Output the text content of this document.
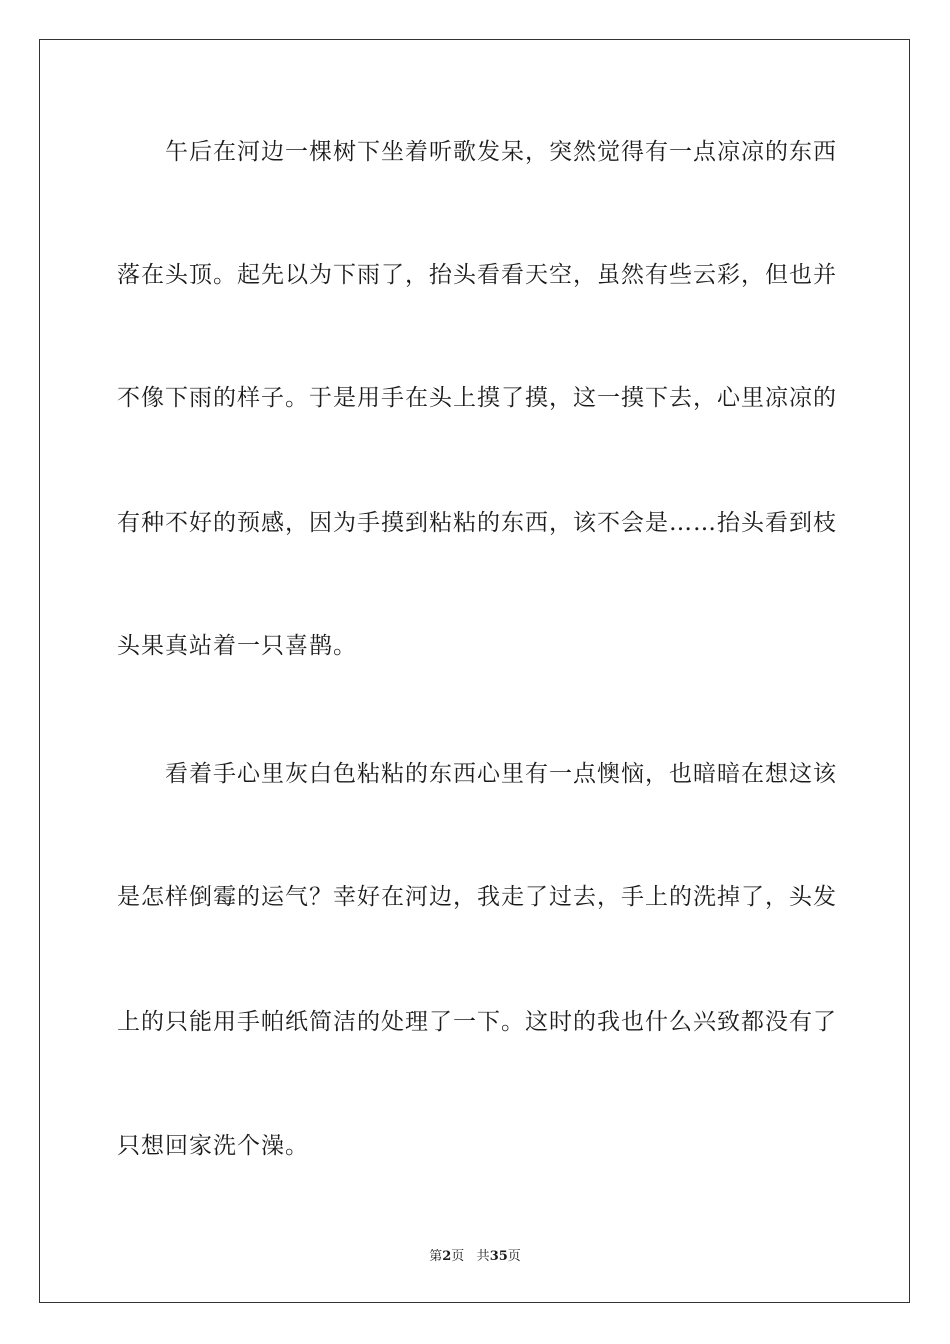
午后在河边一棵树下坐着听歌发呆，突然觉得有一点凉凉的东西
落在头顶。起先以为下雨了，抬头看看天空，虽然有些云彩，但也并
不像下雨的样子。于是用手在头上摸了摸，这一摸下去，心里凉凉的
有种不好的预感，因为手摸到粘粘的东西，该不会是……抬头看到枝
头果真站着一只喜鹊。
看着手心里灰白色粘粘的东西心里有一点懊恼，也暗暗在想这该
是怎样倒霉的运气？幸好在河边，我走了过去，手上的洗掉了，头发
上的只能用手帕纸简洁的处理了一下。这时的我也什么兴致都没有了
只想回家洗个澡。
第2页 共35页
